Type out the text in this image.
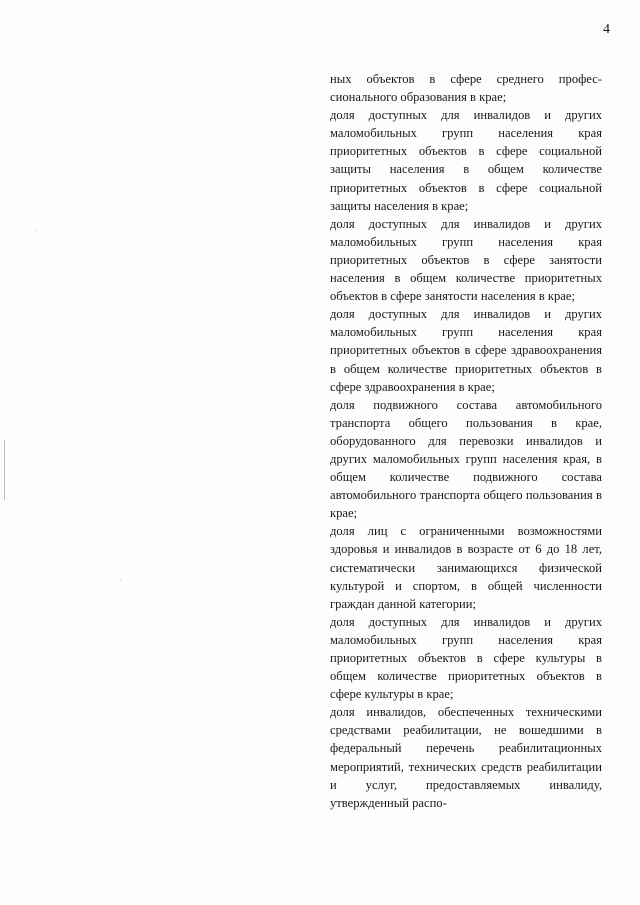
4

ных объектов в сфере среднего профессионального образования в крае;

доля доступных для инвалидов и других маломобильных групп населения края приоритетных объектов в сфере социальной защиты населения в общем количестве приоритетных объектов в сфере социальной защиты населения в крае;

доля доступных для инвалидов и других маломобильных групп населения края приоритетных объектов в сфере занятости населения в общем количестве приоритетных объектов в сфере занятости населения в крае;

доля доступных для инвалидов и других маломобильных групп населения края приоритетных объектов в сфере здравоохранения в общем количестве приоритетных объектов в сфере здравоохранения в крае;

доля подвижного состава автомобильного транспорта общего пользования в крае, оборудованного для перевозки инвалидов и других маломобильных групп населения края, в общем количестве подвижного состава автомобильного транспорта общего пользования в крае;

доля лиц с ограниченными возможностями здоровья и инвалидов в возрасте от 6 до 18 лет, систематически занимающихся физической культурой и спортом, в общей численности граждан данной категории;

доля доступных для инвалидов и других маломобильных групп населения края приоритетных объектов в сфере культуры в общем количестве приоритетных объектов в сфере культуры в крае;

доля инвалидов, обеспеченных техническими средствами реабилитации, не вошедшими в федеральный перечень реабилитационных мероприятий, технических средств реабилитации и услуг, предоставляемых инвалиду, утвержденный распо-
